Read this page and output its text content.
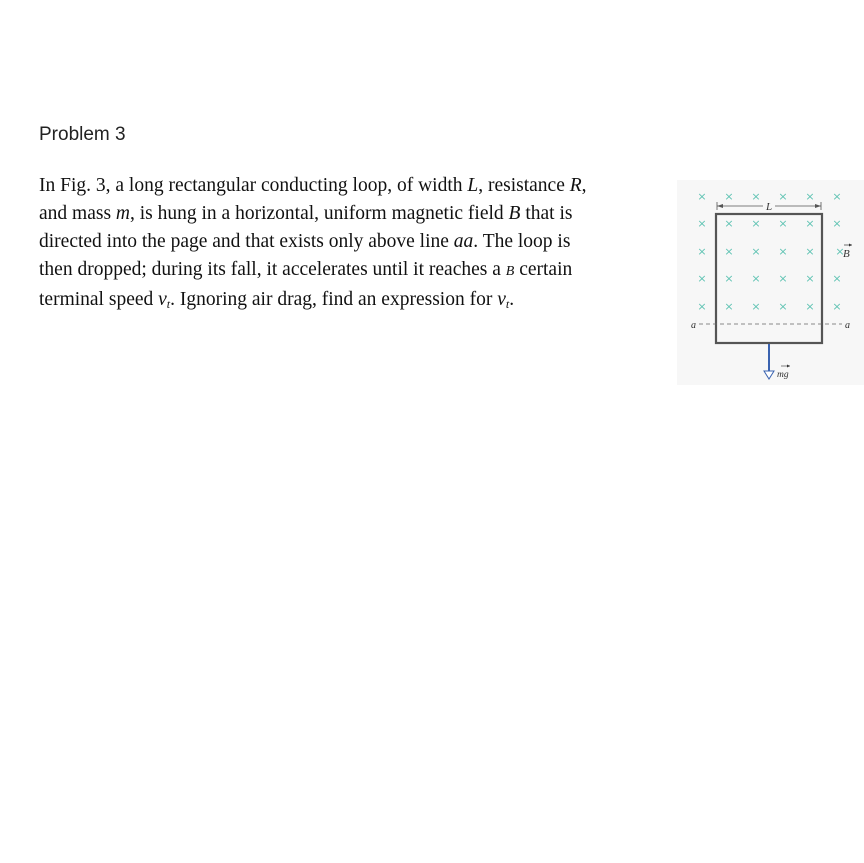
Problem 3
In Fig. 3, a long rectangular conducting loop, of width L, resistance R,
and mass m, is hung in a horizontal, uniform magnetic field B that is
directed into the page and that exists only above line aa. The loop is
then dropped; during its fall, it accelerates until it reaches a B certain
terminal speed $v_t$. Ignoring air drag, find an expression for $v_t$.
× × × × × ×
× × × × × ×
× × × × × ×
× × × × × ×
× × × × × ×
L
B
a	a
mg
